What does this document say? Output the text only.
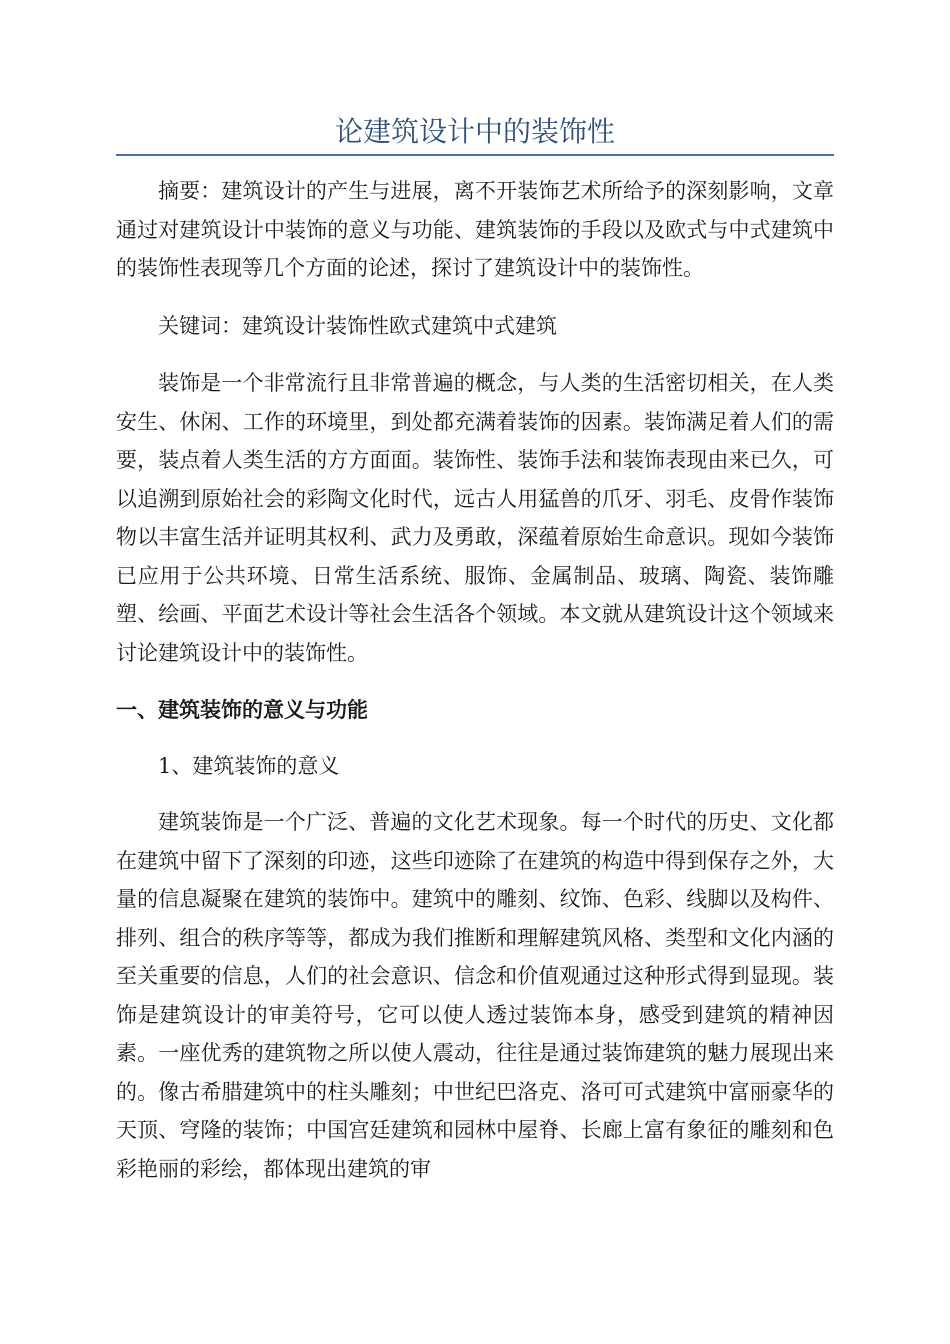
论建筑设计中的装饰性

摘要：建筑设计的产生与进展，离不开装饰艺术所给予的深刻影响，文章通过对建筑设计中装饰的意义与功能、建筑装饰的手段以及欧式与中式建筑中的装饰性表现等几个方面的论述，探讨了建筑设计中的装饰性。

关键词：建筑设计装饰性欧式建筑中式建筑

装饰是一个非常流行且非常普遍的概念，与人类的生活密切相关，在人类安生、休闲、工作的环境里，到处都充满着装饰的因素。装饰满足着人们的需要，装点着人类生活的方方面面。装饰性、装饰手法和装饰表现由来已久，可以追溯到原始社会的彩陶文化时代，远古人用猛兽的爪牙、羽毛、皮骨作装饰物以丰富生活并证明其权利、武力及勇敢，深蕴着原始生命意识。现如今装饰已应用于公共环境、日常生活系统、服饰、金属制品、玻璃、陶瓷、装饰雕塑、绘画、平面艺术设计等社会生活各个领域。本文就从建筑设计这个领域来讨论建筑设计中的装饰性。

一、建筑装饰的意义与功能

1、建筑装饰的意义

建筑装饰是一个广泛、普遍的文化艺术现象。每一个时代的历史、文化都在建筑中留下了深刻的印迹，这些印迹除了在建筑的构造中得到保存之外，大量的信息凝聚在建筑的装饰中。建筑中的雕刻、纹饰、色彩、线脚以及构件、排列、组合的秩序等等，都成为我们推断和理解建筑风格、类型和文化内涵的至关重要的信息，人们的社会意识、信念和价值观通过这种形式得到显现。装饰是建筑设计的审美符号，它可以使人透过装饰本身，感受到建筑的精神因素。一座优秀的建筑物之所以使人震动，往往是通过装饰建筑的魅力展现出来的。像古希腊建筑中的柱头雕刻；中世纪巴洛克、洛可可式建筑中富丽豪华的天顶、穹隆的装饰；中国宫廷建筑和园林中屋脊、长廊上富有象征的雕刻和色彩艳丽的彩绘，都体现出建筑的审
